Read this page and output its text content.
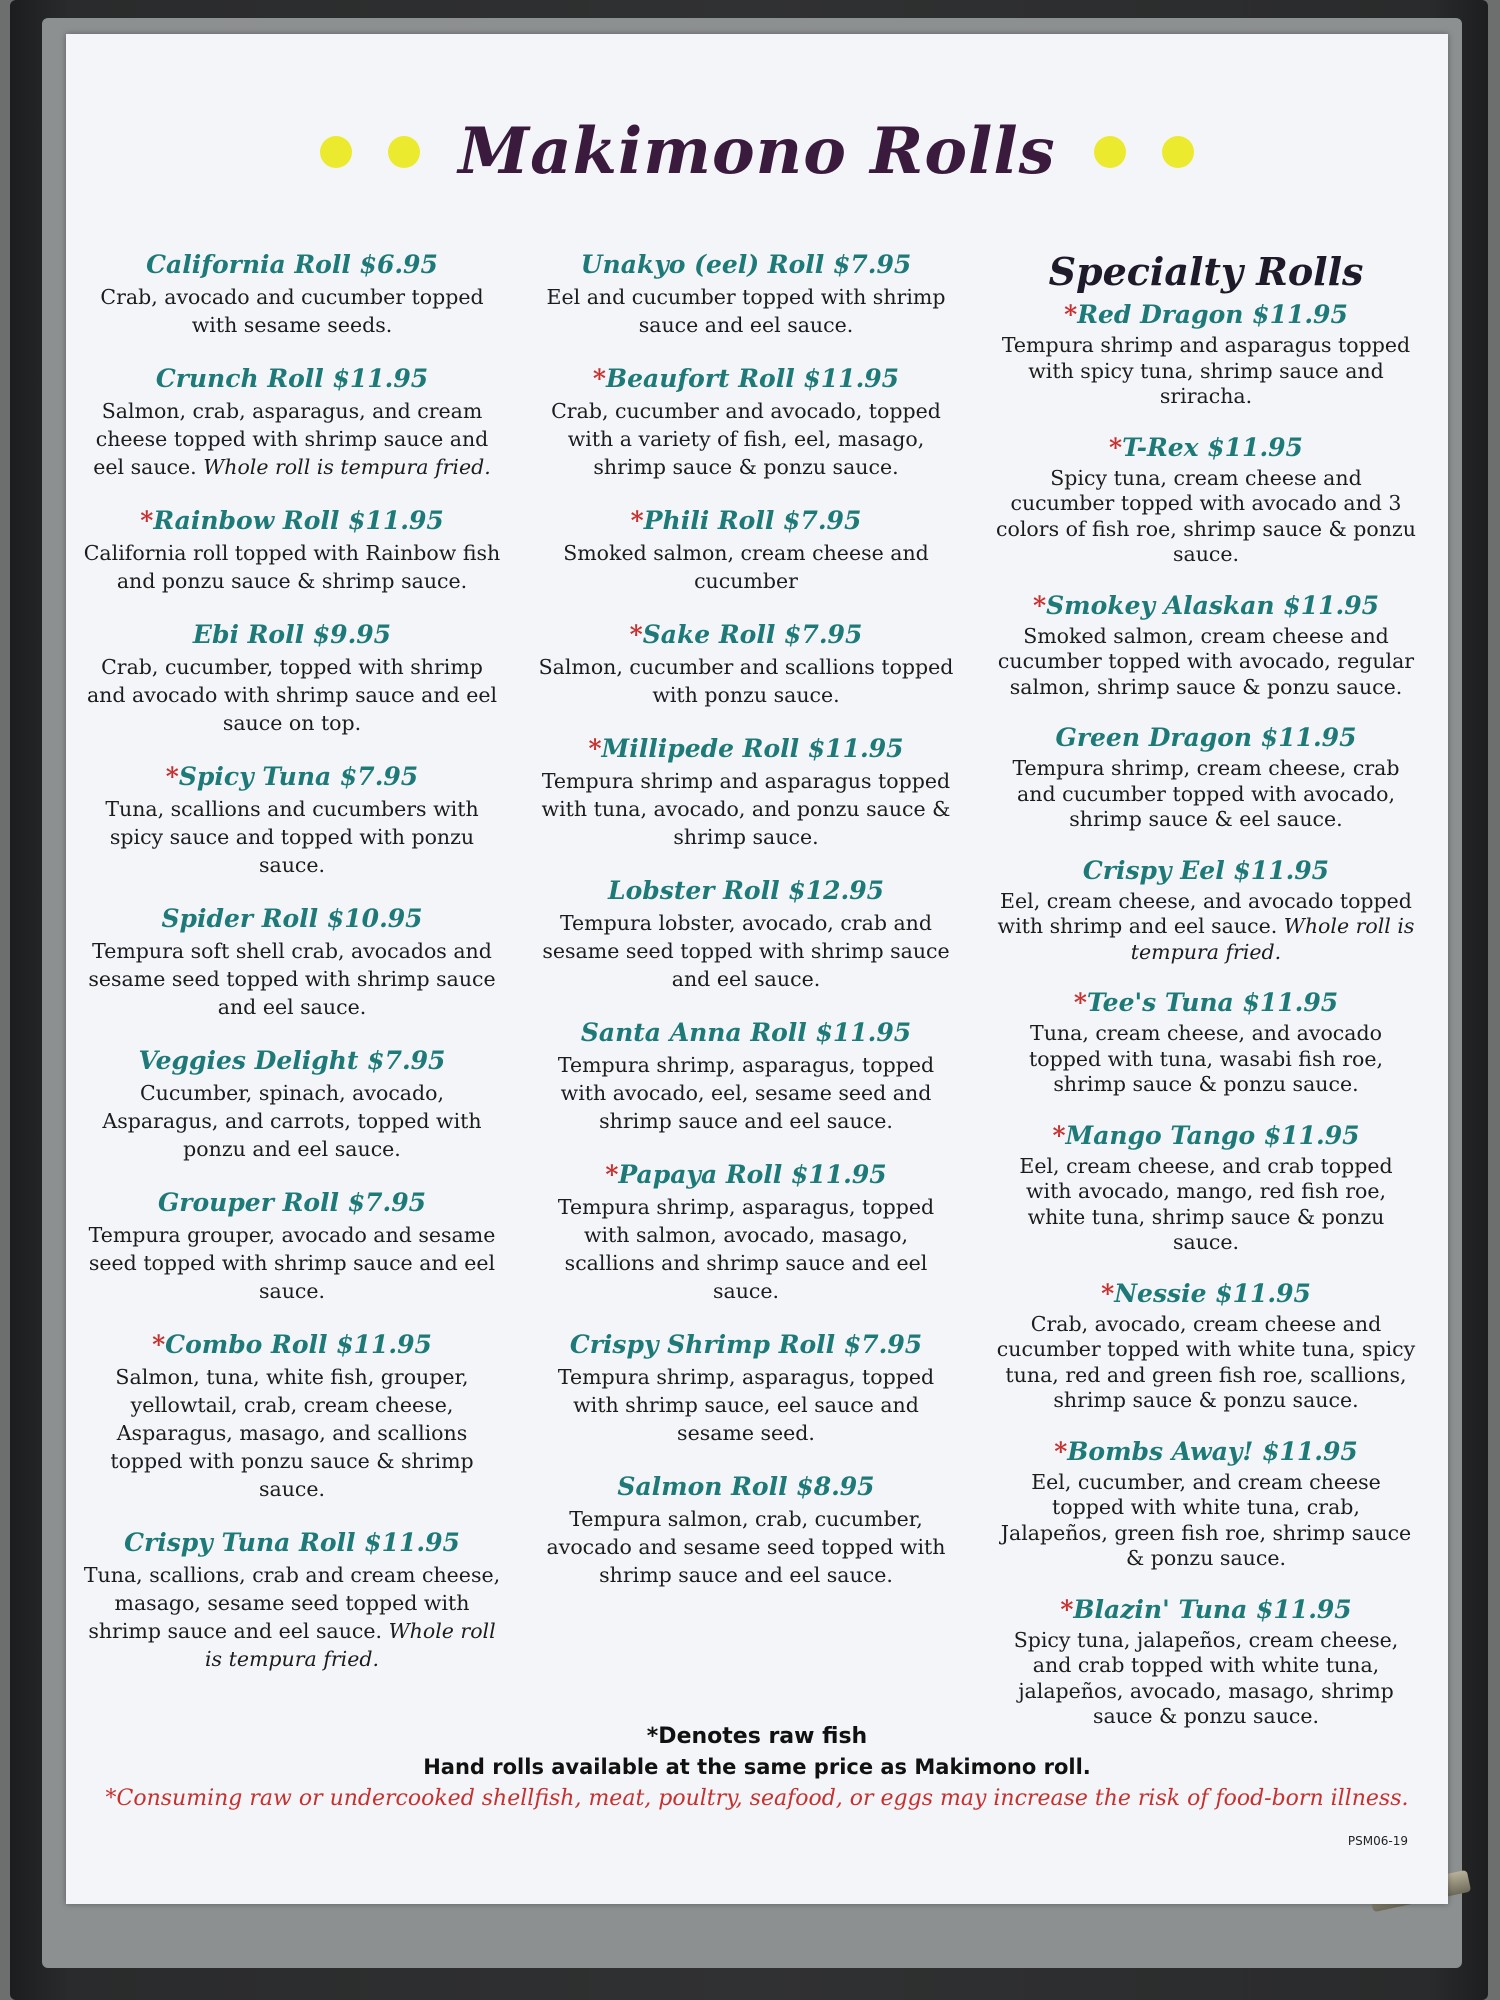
Makimono Rolls
California Roll $6.95
Crab, avocado and cucumber topped with sesame seeds.
Crunch Roll $11.95
Salmon, crab, asparagus, and cream cheese topped with shrimp sauce and eel sauce. Whole roll is tempura fried.
*Rainbow Roll $11.95
California roll topped with Rainbow fish and ponzu sauce & shrimp sauce.
Ebi Roll $9.95
Crab, cucumber, topped with shrimp and avocado with shrimp sauce and eel sauce on top.
*Spicy Tuna $7.95
Tuna, scallions and cucumbers with spicy sauce and topped with ponzu sauce.
Spider Roll $10.95
Tempura soft shell crab, avocados and sesame seed topped with shrimp sauce and eel sauce.
Veggies Delight $7.95
Cucumber, spinach, avocado, Asparagus, and carrots, topped with ponzu and eel sauce.
Grouper Roll $7.95
Tempura grouper, avocado and sesame seed topped with shrimp sauce and eel sauce.
*Combo Roll $11.95
Salmon, tuna, white fish, grouper, yellowtail, crab, cream cheese, Asparagus, masago, and scallions topped with ponzu sauce & shrimp sauce.
Crispy Tuna Roll $11.95
Tuna, scallions, crab and cream cheese, masago, sesame seed topped with shrimp sauce and eel sauce. Whole roll is tempura fried.
Unakyo (eel) Roll $7.95
Eel and cucumber topped with shrimp sauce and eel sauce.
*Beaufort Roll $11.95
Crab, cucumber and avocado, topped with a variety of fish, eel, masago, shrimp sauce & ponzu sauce.
*Phili Roll $7.95
Smoked salmon, cream cheese and cucumber
*Sake Roll $7.95
Salmon, cucumber and scallions topped with ponzu sauce.
*Millipede Roll $11.95
Tempura shrimp and asparagus topped with tuna, avocado, and ponzu sauce & shrimp sauce.
Lobster Roll $12.95
Tempura lobster, avocado, crab and sesame seed topped with shrimp sauce and eel sauce.
Santa Anna Roll $11.95
Tempura shrimp, asparagus, topped with avocado, eel, sesame seed and shrimp sauce and eel sauce.
*Papaya Roll $11.95
Tempura shrimp, asparagus, topped with salmon, avocado, masago, scallions and shrimp sauce and eel sauce.
Crispy Shrimp Roll $7.95
Tempura shrimp, asparagus, topped with shrimp sauce, eel sauce and sesame seed.
Salmon Roll $8.95
Tempura salmon, crab, cucumber, avocado and sesame seed topped with shrimp sauce and eel sauce.
Specialty Rolls
*Red Dragon $11.95
Tempura shrimp and asparagus topped with spicy tuna, shrimp sauce and sriracha.
*T-Rex $11.95
Spicy tuna, cream cheese and cucumber topped with avocado and 3 colors of fish roe, shrimp sauce & ponzu sauce.
*Smokey Alaskan $11.95
Smoked salmon, cream cheese and cucumber topped with avocado, regular salmon, shrimp sauce & ponzu sauce.
Green Dragon $11.95
Tempura shrimp, cream cheese, crab and cucumber topped with avocado, shrimp sauce & eel sauce.
Crispy Eel $11.95
Eel, cream cheese, and avocado topped with shrimp and eel sauce. Whole roll is tempura fried.
*Tee's Tuna $11.95
Tuna, cream cheese, and avocado topped with tuna, wasabi fish roe, shrimp sauce & ponzu sauce.
*Mango Tango $11.95
Eel, cream cheese, and crab topped with avocado, mango, red fish roe, white tuna, shrimp sauce & ponzu sauce.
*Nessie $11.95
Crab, avocado, cream cheese and cucumber topped with white tuna, spicy tuna, red and green fish roe, scallions, shrimp sauce & ponzu sauce.
*Bombs Away! $11.95
Eel, cucumber, and cream cheese topped with white tuna, crab, Jalapeños, green fish roe, shrimp sauce & ponzu sauce.
*Blazin' Tuna $11.95
Spicy tuna, jalapeños, cream cheese, and crab topped with white tuna, jalapeños, avocado, masago, shrimp sauce & ponzu sauce.
*Denotes raw fish
Hand rolls available at the same price as Makimono roll.
*Consuming raw or undercooked shellfish, meat, poultry, seafood, or eggs may increase the risk of food-born illness.
PSM06-19
